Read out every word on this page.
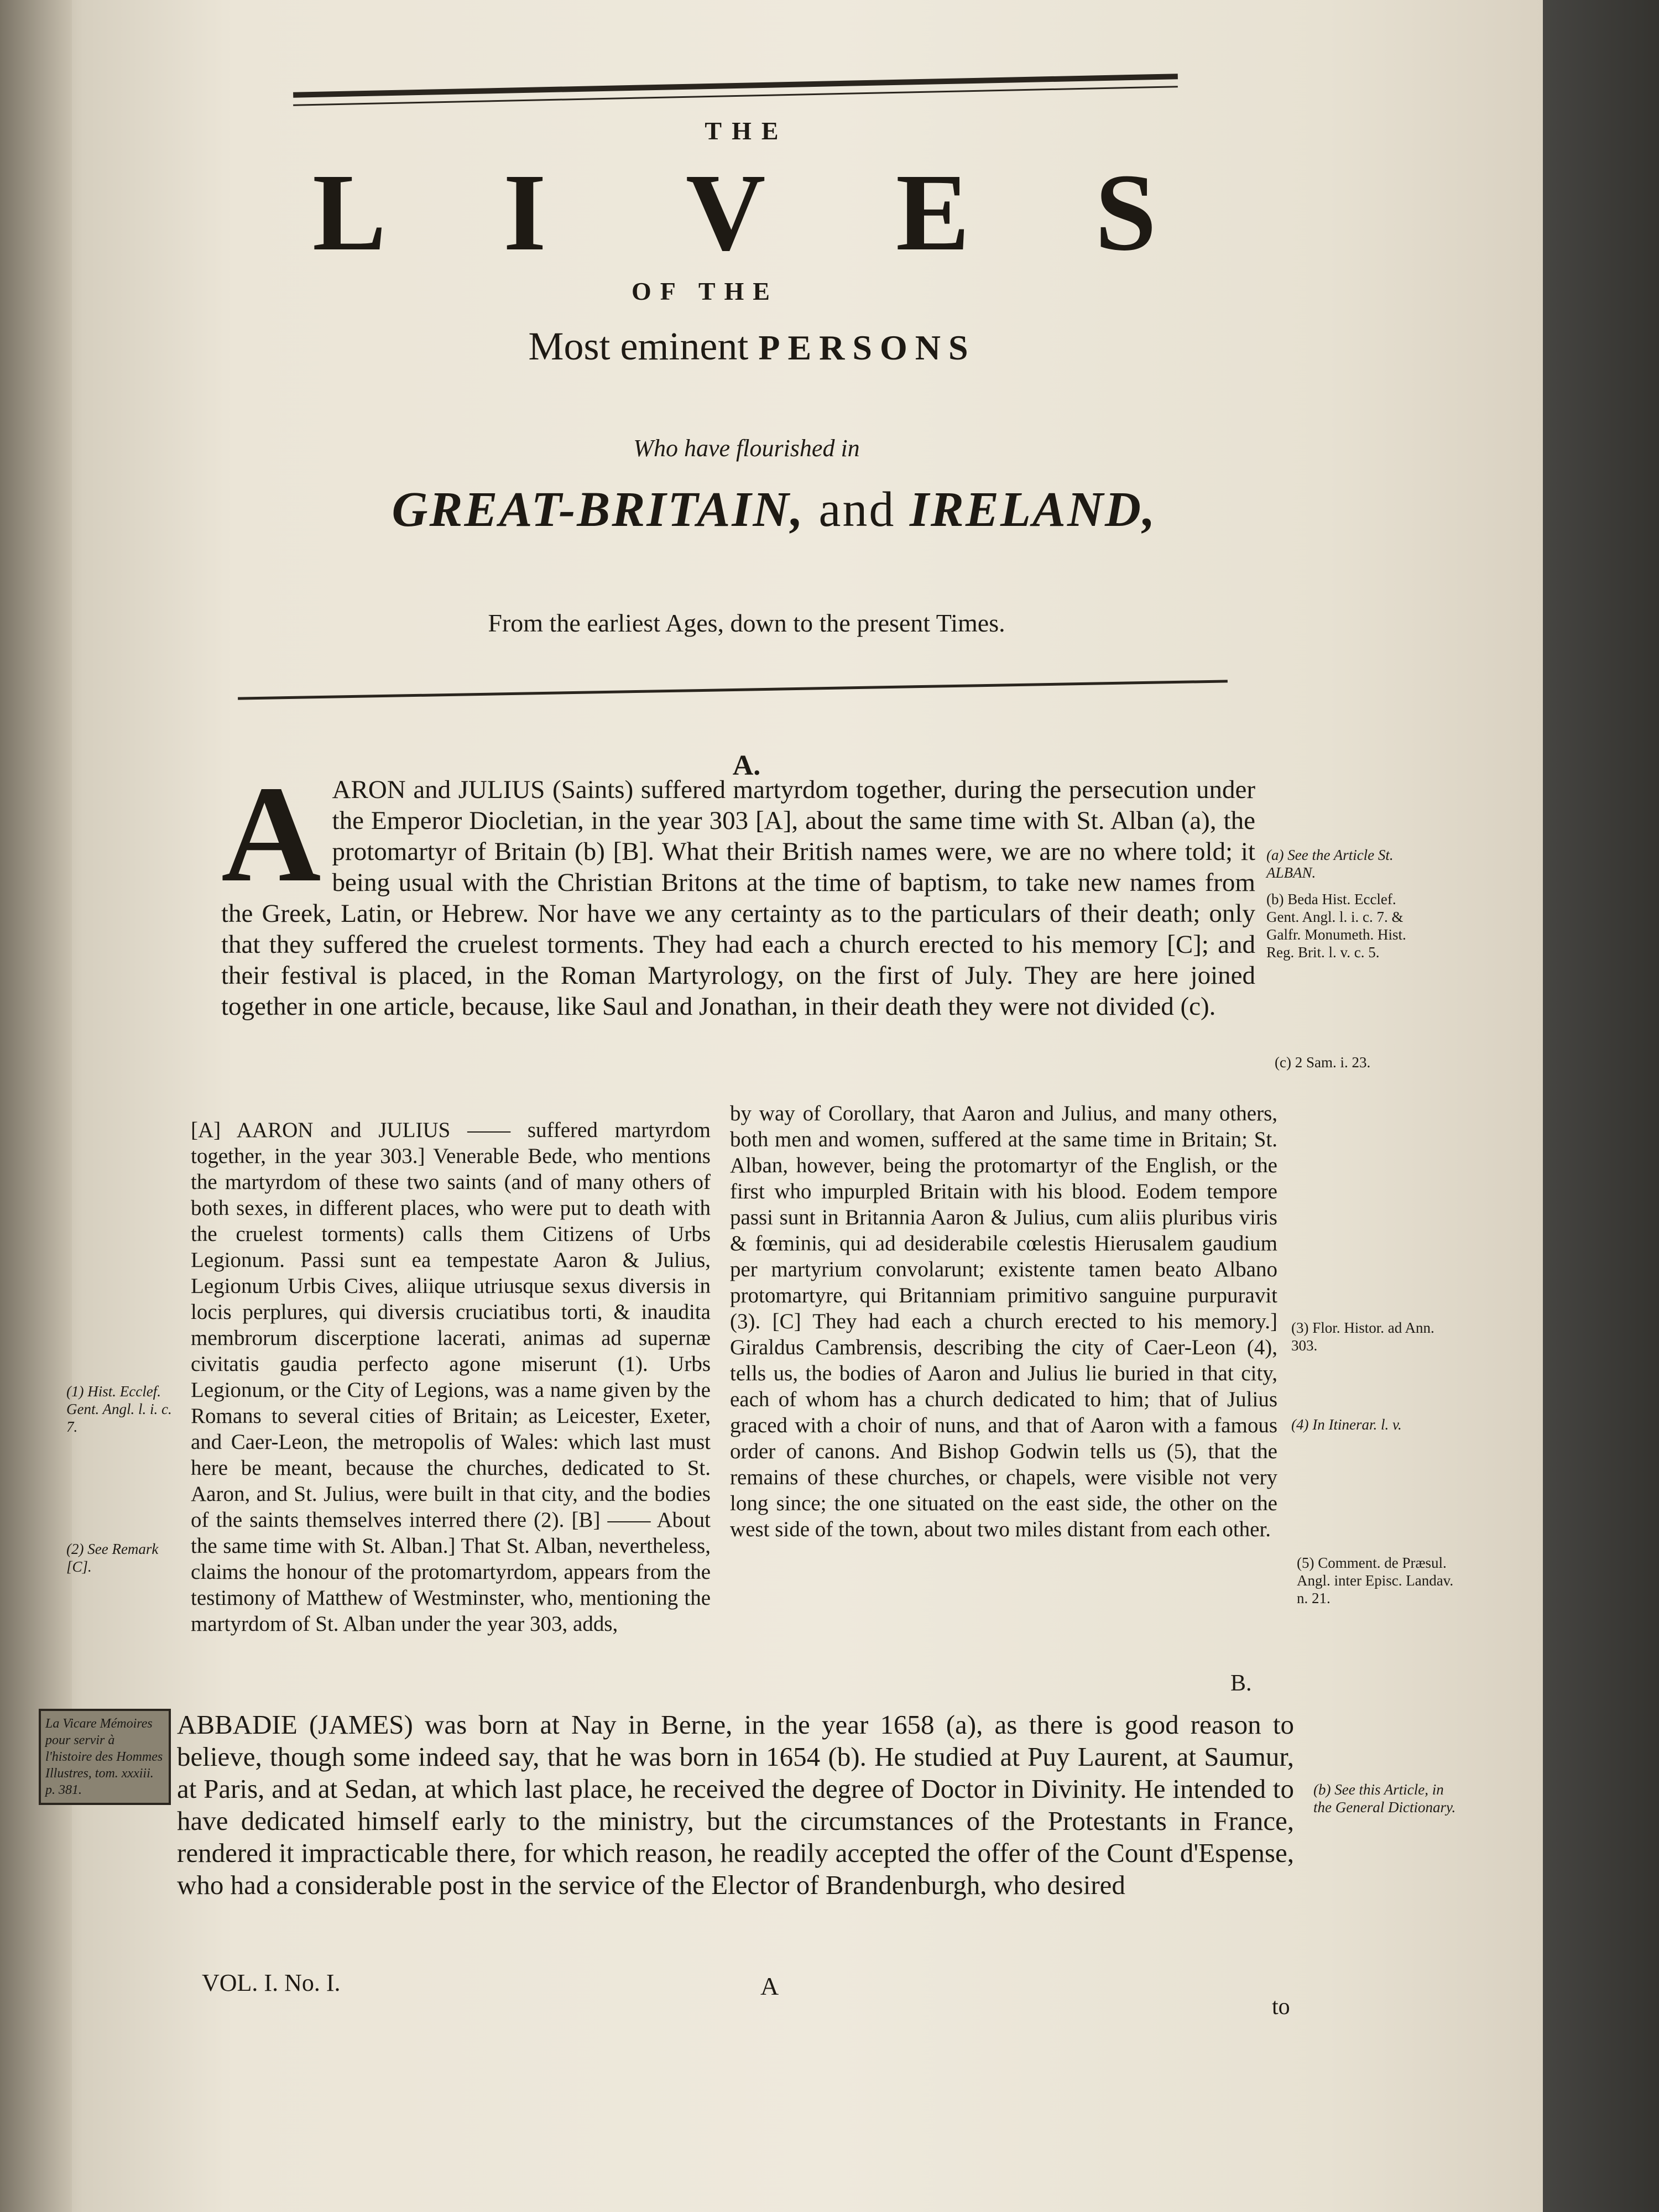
THE
L I V E S
OF THE
Most eminent PERSONS
Who have flourished in
GREAT-BRITAIN, and IRELAND,
From the earliest Ages, down to the present Times.
A.
A ARON and JULIUS (Saints) suffered martyrdom together, during the persecution under the Emperor Diocletian, in the year 303 [A], about the same time with St. Alban (a), the protomartyr of Britain (b) [B]. What their British names were, we are no where told; it being usual with the Christian Britons at the time of baptism, to take new names from the Greek, Latin, or Hebrew. Nor have we any certainty as to the particulars of their death; only that they suffered the cruelest torments. They had each a church erected to his memory [C]; and their festival is placed, in the Roman Martyrology, on the first of July. They are here joined together in one article, because, like Saul and Jonathan, in their death they were not divided (c).
(a) See the Article St. ALBAN.
(b) Beda Hist. Ecclef. Gent. Angl. l. i. c. 7. & Galfr. Monumeth. Hist. Reg. Brit. l. v. c. 5.
(c) 2 Sam. i. 23.
[A] AARON and JULIUS —— suffered martyrdom together, in the year 303.] Venerable Bede, who mentions the martyrdom of these two saints (and of many others of both sexes, in different places, who were put to death with the cruelest torments) calls them Citizens of Urbs Legionum. Passi sunt ea tempestate Aaron & Julius, Legionum Urbis Cives, aliique utriusque sexus diversis in locis perplures, qui diversis cruciatibus torti, & inaudita membrorum discerptione lacerati, animas ad supernæ civitatis gaudia perfecto agone miserunt (1). Urbs Legionum, or the City of Legions, was a name given by the Romans to several cities of Britain; as Leicester, Exeter, and Caer-Leon, the metropolis of Wales: which last must here be meant, because the churches, dedicated to St. Aaron, and St. Julius, were built in that city, and the bodies of the saints themselves interred there (2). [B] —— About the same time with St. Alban.] That St. Alban, nevertheless, claims the honour of the protomartyrdom, appears from the testimony of Matthew of Westminster, who, mentioning the martyrdom of St. Alban under the year 303, adds,
by way of Corollary, that Aaron and Julius, and many others, both men and women, suffered at the same time in Britain; St. Alban, however, being the protomartyr of the English, or the first who impurpled Britain with his blood. Eodem tempore passi sunt in Britannia Aaron & Julius, cum aliis pluribus viris & fœminis, qui ad desiderabile cœlestis Hierusalem gaudium per martyrium convolarunt; existente tamen beato Albano protomartyre, qui Britanniam primitivo sanguine purpuravit (3). [C] They had each a church erected to his memory.] Giraldus Cambrensis, describing the city of Caer-Leon (4), tells us, the bodies of Aaron and Julius lie buried in that city, each of whom has a church dedicated to him; that of Julius graced with a choir of nuns, and that of Aaron with a famous order of canons. And Bishop Godwin tells us (5), that the remains of these churches, or chapels, were visible not very long since; the one situated on the east side, the other on the west side of the town, about two miles distant from each other.
(1) Hist. Ecclef. Gent. Angl. l. i. c. 7.
(2) See Remark [C].
(3) Flor. Histor. ad Ann. 303.
(4) In Itinerar. l. v.
(5) Comment. de Præsul. Angl. inter Episc. Landav. n. 21.
B.
La Vicare Mémoires pour servir à l'histoire des Hommes Illustres, tom. xxxiii. p. 381.
ABBADIE (JAMES) was born at Nay in Berne, in the year 1658 (a), as there is good reason to believe, though some indeed say, that he was born in 1654 (b). He studied at Puy Laurent, at Saumur, at Paris, and at Sedan, at which last place, he received the degree of Doctor in Divinity. He intended to have dedicated himself early to the ministry, but the circumstances of the Protestants in France, rendered it impracticable there, for which reason, he readily accepted the offer of the Count d'Espense, who had a considerable post in the service of the Elector of Brandenburgh, who desired
(b) See this Article, in the General Dictionary.
VOL. I. No. I.	A
to
